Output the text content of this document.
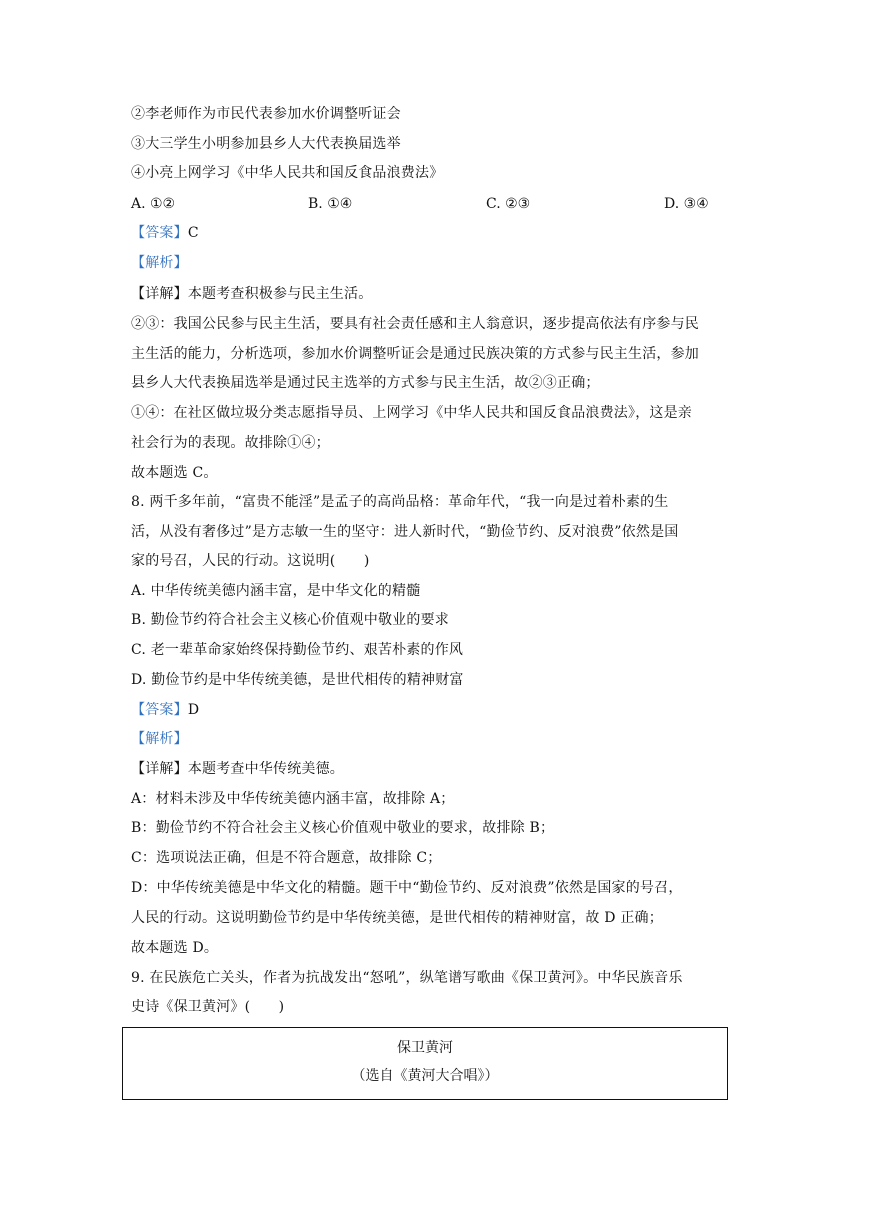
②李老师作为市民代表参加水价调整听证会
③大三学生小明参加县乡人大代表换届选举
④小亮上网学习《中华人民共和国反食品浪费法》
A. ①②	B. ①④	C. ②③	D. ③④
【答案】C
【解析】
【详解】本题考查积极参与民主生活。
②③：我国公民参与民主生活，要具有社会责任感和主人翁意识，逐步提高依法有序参与民
主生活的能力，分析选项，参加水价调整听证会是通过民族决策的方式参与民主生活，参加
县乡人大代表换届选举是通过民主选举的方式参与民主生活，故②③正确；
①④：在社区做垃圾分类志愿指导员、上网学习《中华人民共和国反食品浪费法》，这是亲
社会行为的表现。故排除①④；
故本题选 C。
8. 两千多年前，“富贵不能淫”是孟子的高尚品格：革命年代，“我一向是过着朴素的生
活，从没有奢侈过”是方志敏一生的坚守：进人新时代，“勤俭节约、反对浪费”依然是国
家的号召，人民的行动。这说明(　　)
A. 中华传统美德内涵丰富，是中华文化的精髓
B. 勤俭节约符合社会主义核心价值观中敬业的要求
C. 老一辈革命家始终保持勤俭节约、艰苦朴素的作风
D. 勤俭节约是中华传统美德，是世代相传的精神财富
【答案】D
【解析】
【详解】本题考查中华传统美德。
A：材料未涉及中华传统美德内涵丰富，故排除 A；
B：勤俭节约不符合社会主义核心价值观中敬业的要求，故排除 B；
C：选项说法正确，但是不符合题意，故排除 C；
D：中华传统美德是中华文化的精髓。题干中“勤俭节约、反对浪费”依然是国家的号召，
人民的行动。这说明勤俭节约是中华传统美德，是世代相传的精神财富，故 D 正确；
故本题选 D。
9. 在民族危亡关头，作者为抗战发出“怒吼”，纵笔谱写歌曲《保卫黄河》。中华民族音乐
史诗《保卫黄河》(　　)
保卫黄河
（选自《黄河大合唱》）
